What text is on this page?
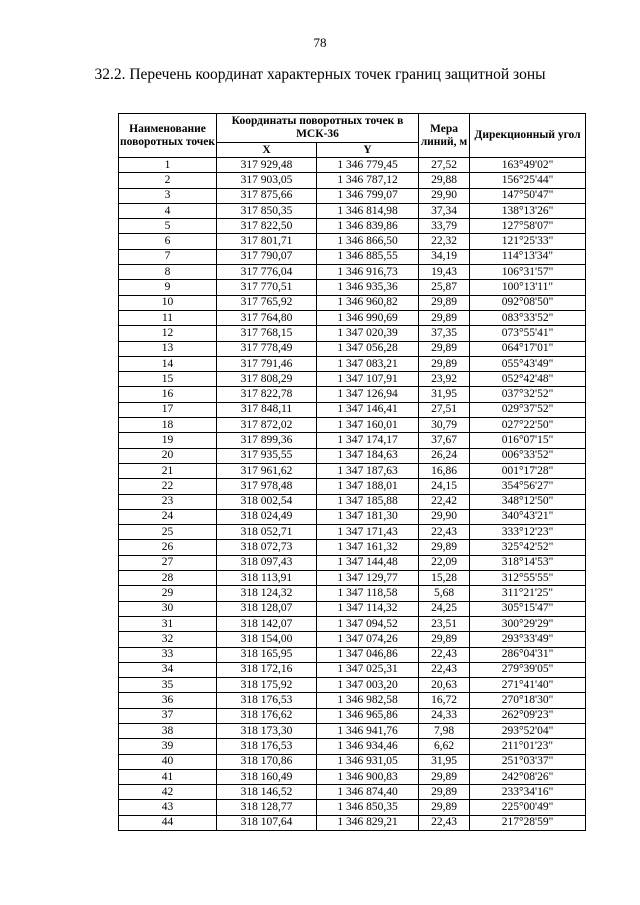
78
32.2. Перечень координат характерных точек границ защитной зоны
Наименование поворотных точек	Координаты поворотных точек в МСК-36		Мера линий, м	Дирекционный угол
	X	Y		
1	317 929,48	1 346 779,45	27,52	163°49'02"
2	317 903,05	1 346 787,12	29,88	156°25'44"
3	317 875,66	1 346 799,07	29,90	147°50'47"
4	317 850,35	1 346 814,98	37,34	138°13'26"
5	317 822,50	1 346 839,86	33,79	127°58'07"
6	317 801,71	1 346 866,50	22,32	121°25'33"
7	317 790,07	1 346 885,55	34,19	114°13'34"
8	317 776,04	1 346 916,73	19,43	106°31'57"
9	317 770,51	1 346 935,36	25,87	100°13'11"
10	317 765,92	1 346 960,82	29,89	092°08'50"
11	317 764,80	1 346 990,69	29,89	083°33'52"
12	317 768,15	1 347 020,39	37,35	073°55'41"
13	317 778,49	1 347 056,28	29,89	064°17'01"
14	317 791,46	1 347 083,21	29,89	055°43'49"
15	317 808,29	1 347 107,91	23,92	052°42'48"
16	317 822,78	1 347 126,94	31,95	037°32'52"
17	317 848,11	1 347 146,41	27,51	029°37'52"
18	317 872,02	1 347 160,01	30,79	027°22'50"
19	317 899,36	1 347 174,17	37,67	016°07'15"
20	317 935,55	1 347 184,63	26,24	006°33'52"
21	317 961,62	1 347 187,63	16,86	001°17'28"
22	317 978,48	1 347 188,01	24,15	354°56'27"
23	318 002,54	1 347 185,88	22,42	348°12'50"
24	318 024,49	1 347 181,30	29,90	340°43'21"
25	318 052,71	1 347 171,43	22,43	333°12'23"
26	318 072,73	1 347 161,32	29,89	325°42'52"
27	318 097,43	1 347 144,48	22,09	318°14'53"
28	318 113,91	1 347 129,77	15,28	312°55'55"
29	318 124,32	1 347 118,58	5,68	311°21'25"
30	318 128,07	1 347 114,32	24,25	305°15'47"
31	318 142,07	1 347 094,52	23,51	300°29'29"
32	318 154,00	1 347 074,26	29,89	293°33'49"
33	318 165,95	1 347 046,86	22,43	286°04'31"
34	318 172,16	1 347 025,31	22,43	279°39'05"
35	318 175,92	1 347 003,20	20,63	271°41'40"
36	318 176,53	1 346 982,58	16,72	270°18'30"
37	318 176,62	1 346 965,86	24,33	262°09'23"
38	318 173,30	1 346 941,76	7,98	293°52'04"
39	318 176,53	1 346 934,46	6,62	211°01'23"
40	318 170,86	1 346 931,05	31,95	251°03'37"
41	318 160,49	1 346 900,83	29,89	242°08'26"
42	318 146,52	1 346 874,40	29,89	233°34'16"
43	318 128,77	1 346 850,35	29,89	225°00'49"
44	318 107,64	1 346 829,21	22,43	217°28'59"
